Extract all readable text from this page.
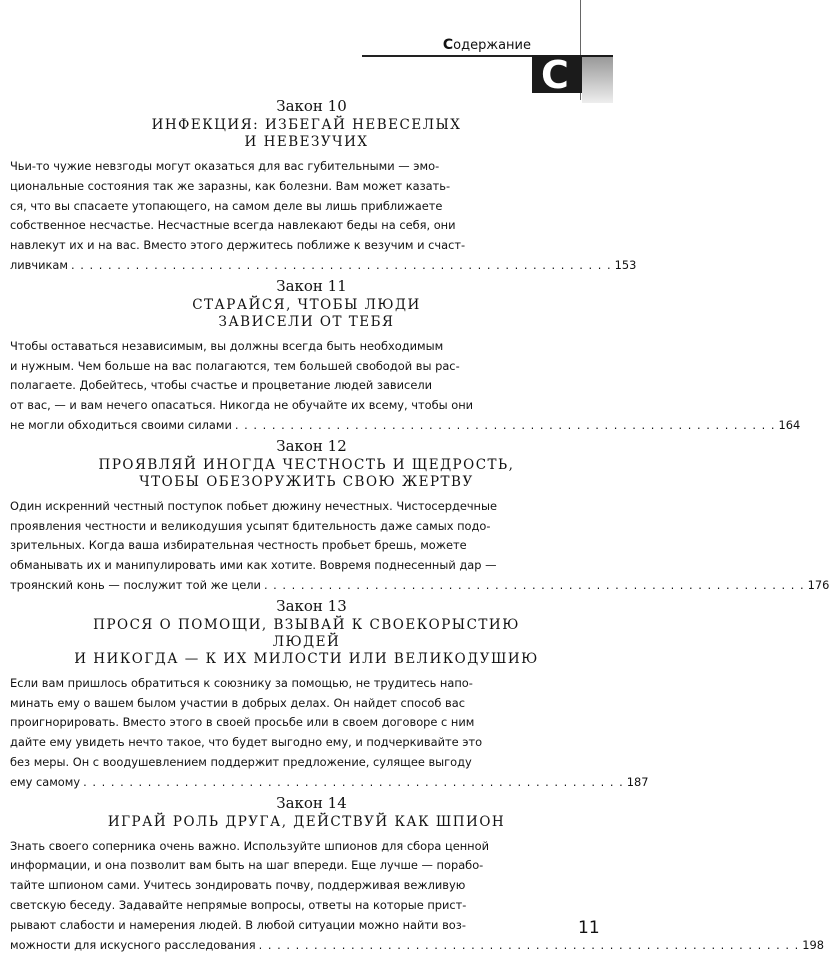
Содержание
C
Закон 10
ИНФЕКЦИЯ: ИЗБЕГАЙ НЕВЕСЕЛЫХ
И НЕВЕЗУЧИХ
Чьи-то чужие невзгоды могут оказаться для вас губительными — эмо-
циональные состояния так же заразны, как болезни. Вам может казать-
ся, что вы спасаете утопающего, на самом деле вы лишь приближаете
собственное несчастье. Несчастные всегда навлекают беды на себя, они
навлекут их и на вас. Вместо этого держитесь поближе к везучим и счаст-
ливчикам . . . . . . . . . . . . . . . . . . . . . . . . . . . . . . . . . . . . . . . . . . . . . . . . . . . . . . . . . . . 153
Закон 11
СТАРАЙСЯ, ЧТОБЫ ЛЮДИ
ЗАВИСЕЛИ ОТ ТЕБЯ
Чтобы оставаться независимым, вы должны всегда быть необходимым
и нужным. Чем больше на вас полагаются, тем большей свободой вы рас-
полагаете. Добейтесь, чтобы счастье и процветание людей зависели
от вас, — и вам нечего опасаться. Никогда не обучайте их всему, чтобы они
не могли обходиться своими силами . . . . . . . . . . . . . . . . . . . . . . . . . . . . . . . . . . . . . . . . . . . . . . . . . . . . . . . . . . . 164
Закон 12
ПРОЯВЛЯЙ ИНОГДА ЧЕСТНОСТЬ И ЩЕДРОСТЬ,
ЧТОБЫ ОБЕЗОРУЖИТЬ СВОЮ ЖЕРТВУ
Один искренний честный поступок побьет дюжину нечестных. Чистосердечные
проявления честности и великодушия усыпят бдительность даже самых подо-
зрительных. Когда ваша избирательная честность пробьет брешь, можете
обманывать их и манипулировать ими как хотите. Вовремя поднесенный дар —
троянский конь — послужит той же цели . . . . . . . . . . . . . . . . . . . . . . . . . . . . . . . . . . . . . . . . . . . . . . . . . . . . . . . . . . . 176
Закон 13
ПРОСЯ О ПОМОЩИ, ВЗЫВАЙ К СВОЕКОРЫСТИЮ ЛЮДЕЙ
И НИКОГДА — К ИХ МИЛОСТИ ИЛИ ВЕЛИКОДУШИЮ
Если вам пришлось обратиться к союзнику за помощью, не трудитесь напо-
минать ему о вашем былом участии в добрых делах. Он найдет способ вас
проигнорировать. Вместо этого в своей просьбе или в своем договоре с ним
дайте ему увидеть нечто такое, что будет выгодно ему, и подчеркивайте это
без меры. Он с воодушевлением поддержит предложение, сулящее выгоду
ему самому . . . . . . . . . . . . . . . . . . . . . . . . . . . . . . . . . . . . . . . . . . . . . . . . . . . . . . . . . . . 187
Закон 14
ИГРАЙ РОЛЬ ДРУГА, ДЕЙСТВУЙ КАК ШПИОН
Знать своего соперника очень важно. Используйте шпионов для сбора ценной
информации, и она позволит вам быть на шаг впереди. Еще лучше — порабо-
тайте шпионом сами. Учитесь зондировать почву, поддерживая вежливую
светскую беседу. Задавайте непрямые вопросы, ответы на которые прист-
рывают слабости и намерения людей. В любой ситуации можно найти воз-
можности для искусного расследования . . . . . . . . . . . . . . . . . . . . . . . . . . . . . . . . . . . . . . . . . . . . . . . . . . . . . . . . . . . 198
11
